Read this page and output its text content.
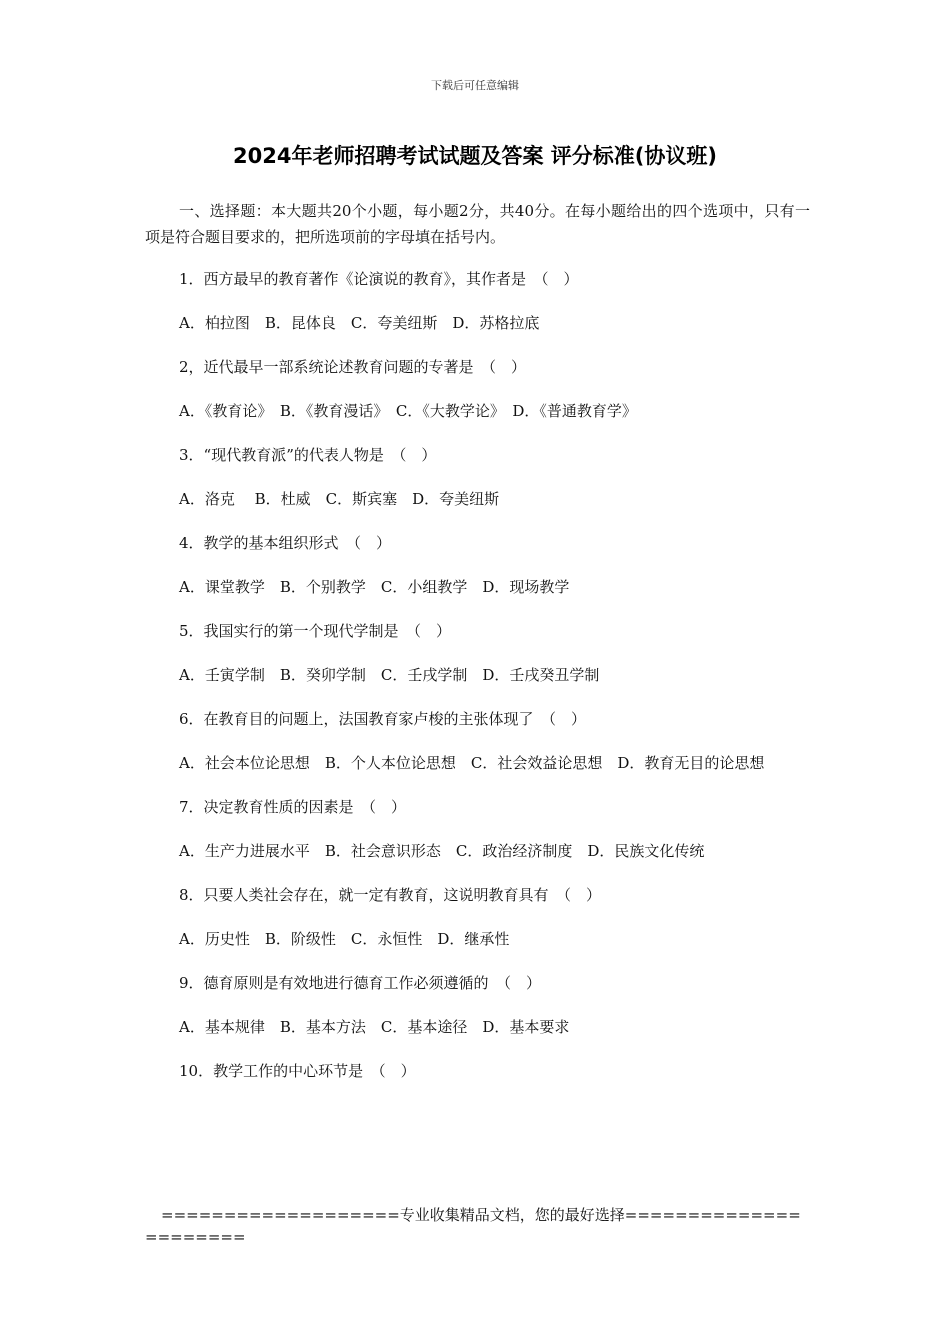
下载后可任意编辑
2024年老师招聘考试试题及答案 评分标准(协议班)

一、选择题：本大题共20个小题，每小题2分，共40分。在每小题给出的四个选项中，只有一项是符合题目要求的，把所选项前的字母填在括号内。

1．西方最早的教育著作《论演说的教育》，其作者是　（　）

A．柏拉图　B．昆体良　C．夸美纽斯　D．苏格拉底

2，近代最早一部系统论述教育问题的专著是　（　）

A．《教育论》　B．《教育漫话》　C．《大教学论》　D．《普通教育学》

3．“现代教育派”的代表人物是　（　）

A．洛克　 B．杜威　C．斯宾塞　D．夸美纽斯

4．教学的基本组织形式　（　）

A．课堂教学　B．个别教学　C．小组教学　D．现场教学

5．我国实行的第一个现代学制是　（　）

A．壬寅学制　B．癸卯学制　C．壬戌学制　D．壬戌癸丑学制

6．在教育目的问题上，法国教育家卢梭的主张体现了　（　）

A．社会本位论思想　B．个人本位论思想　C．社会效益论思想　D．教育无目的论思想

7．决定教育性质的因素是　（　）

A．生产力进展水平　B．社会意识形态　C．政治经济制度　D．民族文化传统

8．只要人类社会存在，就一定有教育，这说明教育具有　（　）

A．历史性　B．阶级性　C．永恒性　D．继承性

9．德育原则是有效地进行德育工作必须遵循的　（　）

A．基本规律　B．基本方法　C．基本途径　D．基本要求

10．教学工作的中心环节是　（　）

===================专业收集精品文档，您的最好选择======================
